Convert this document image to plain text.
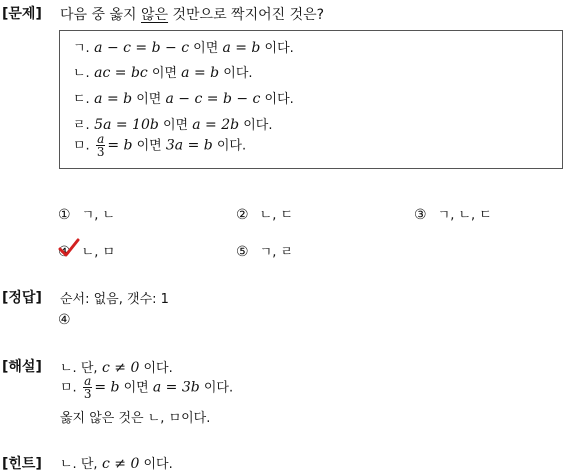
[문제] 다음 중 옳지 않은 것만으로 짝지어진 것은?
ㄱ. a − c = b − c 이면 a = b 이다.
ㄴ. ac = bc 이면 a = b 이다.
ㄷ. a = b 이면 a − c = b − c 이다.
ㄹ. 5a = 10b 이면 a = 2b 이다.
ㅁ. $\frac{a}{3} = b$ 이면 3a = b 이다.
① ㄱ, ㄴ	② ㄴ, ㄷ	③ ㄱ, ㄴ, ㄷ
④ ㄴ, ㅁ	⑤ ㄱ, ㄹ
[정답] 순서: 없음, 갯수: 1
④
[해설] ㄴ. 단, c ≠ 0 이다.
ㅁ. $\frac{a}{3} = b$ 이면 a = 3b 이다.
옳지 않은 것은 ㄴ, ㅁ이다.
[힌트] ㄴ. 단, c ≠ 0 이다.
